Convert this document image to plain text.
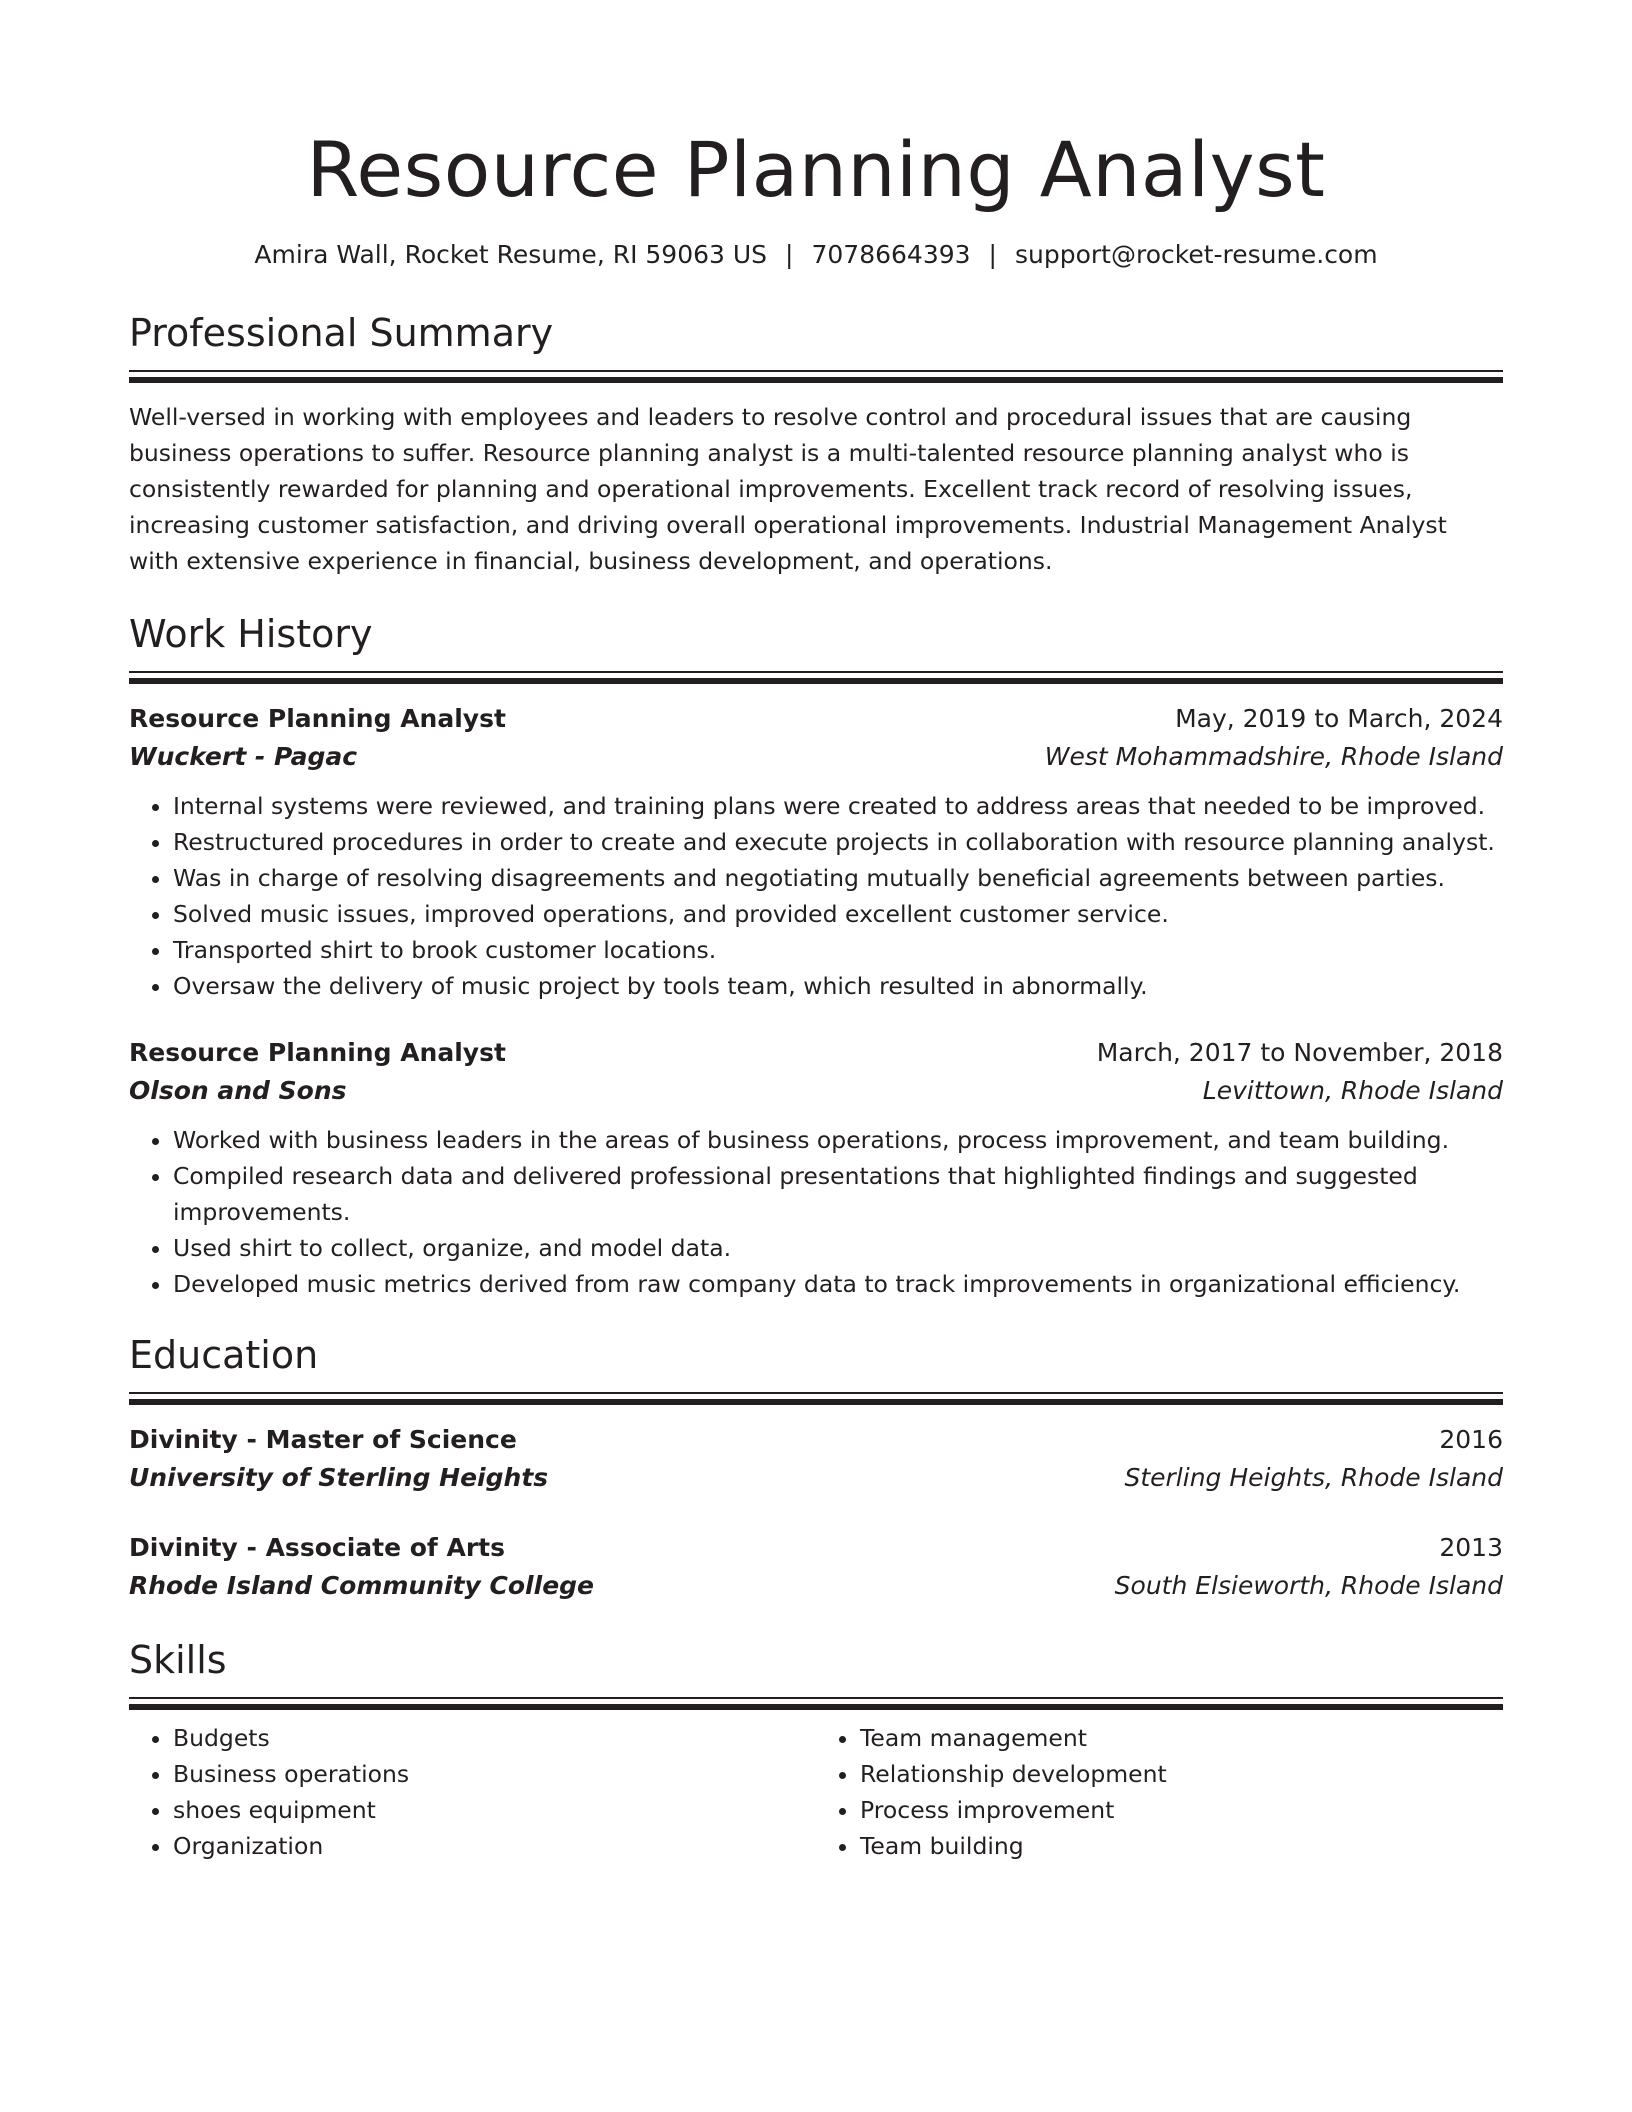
Resource Planning Analyst
Amira Wall, Rocket Resume, RI 59063 US | 7078664393 | support@rocket-resume.com
Professional Summary
Well-versed in working with employees and leaders to resolve control and procedural issues that are causing business operations to suffer. Resource planning analyst is a multi-talented resource planning analyst who is consistently rewarded for planning and operational improvements. Excellent track record of resolving issues, increasing customer satisfaction, and driving overall operational improvements. Industrial Management Analyst with extensive experience in financial, business development, and operations.
Work History
Resource Planning Analyst	May, 2019 to March, 2024
Wuckert - Pagac	West Mohammadshire, Rhode Island
• Internal systems were reviewed, and training plans were created to address areas that needed to be improved.
• Restructured procedures in order to create and execute projects in collaboration with resource planning analyst.
• Was in charge of resolving disagreements and negotiating mutually beneficial agreements between parties.
• Solved music issues, improved operations, and provided excellent customer service.
• Transported shirt to brook customer locations.
• Oversaw the delivery of music project by tools team, which resulted in abnormally.
Resource Planning Analyst	March, 2017 to November, 2018
Olson and Sons	Levittown, Rhode Island
• Worked with business leaders in the areas of business operations, process improvement, and team building.
• Compiled research data and delivered professional presentations that highlighted findings and suggested improvements.
• Used shirt to collect, organize, and model data.
• Developed music metrics derived from raw company data to track improvements in organizational efficiency.
Education
Divinity - Master of Science	2016
University of Sterling Heights	Sterling Heights, Rhode Island
Divinity - Associate of Arts	2013
Rhode Island Community College	South Elsieworth, Rhode Island
Skills
• Budgets
• Business operations
• shoes equipment
• Organization
• Team management
• Relationship development
• Process improvement
• Team building
